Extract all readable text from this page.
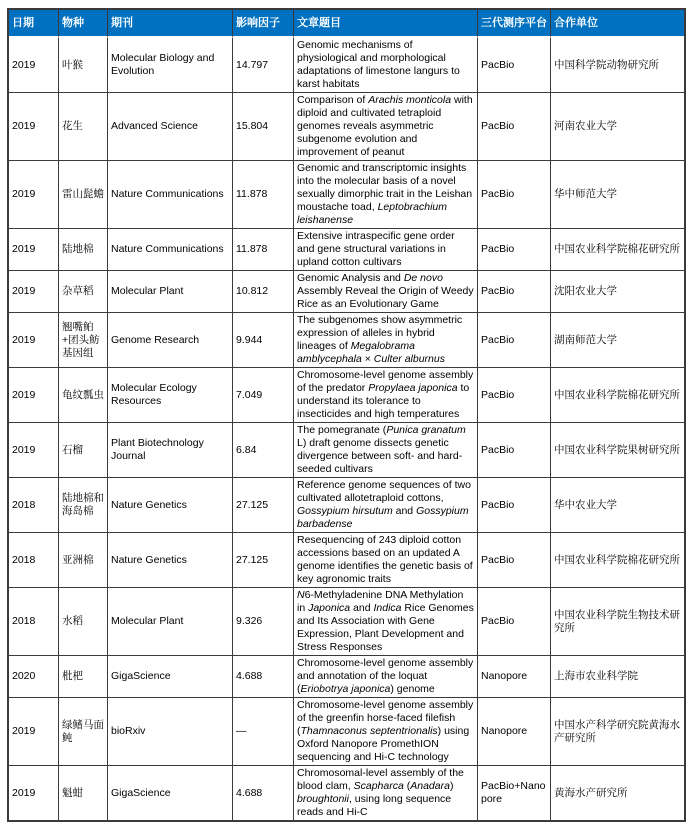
日期	物种	期刊	影响因子	文章题目	三代测序平台	合作单位
2019	叶猴	Molecular Biology and Evolution	14.797	Genomic mechanisms of physiological and morphological adaptations of limestone langurs to karst habitats	PacBio	中国科学院动物研究所
2019	花生	Advanced Science	15.804	Comparison of Arachis monticola with diploid and cultivated tetraploid genomes reveals asymmetric subgenome evolution and improvement of peanut	PacBio	河南农业大学
2019	雷山髭蟾	Nature Communications	11.878	Genomic and transcriptomic insights into the molecular basis of a novel sexually dimorphic trait in the Leishan moustache toad, Leptobrachium leishanense	PacBio	华中师范大学
2019	陆地棉	Nature Communications	11.878	Extensive intraspecific gene order and gene structural variations in upland cotton cultivars	PacBio	中国农业科学院棉花研究所
2019	杂草稻	Molecular Plant	10.812	Genomic Analysis and De novo Assembly Reveal the Origin of Weedy Rice as an Evolutionary Game	PacBio	沈阳农业大学
2019	翘嘴鲌+团头鲂基因组	Genome Research	9.944	The subgenomes show asymmetric expression of alleles in hybrid lineages of Megalobrama amblycephala × Culter alburnus	PacBio	湖南师范大学
2019	龟纹瓢虫	Molecular Ecology Resources	7.049	Chromosome-level genome assembly of the predator Propylaea japonica to understand its tolerance to insecticides and high temperatures	PacBio	中国农业科学院棉花研究所
2019	石榴	Plant Biotechnology Journal	6.84	The pomegranate (Punica granatum L) draft genome dissects genetic divergence between soft- and hard-seeded cultivars	PacBio	中国农业科学院果树研究所
2018	陆地棉和海岛棉	Nature Genetics	27.125	Reference genome sequences of two cultivated allotetraploid cottons, Gossypium hirsutum and Gossypium barbadense	PacBio	华中农业大学
2018	亚洲棉	Nature Genetics	27.125	Resequencing of 243 diploid cotton accessions based on an updated A genome identifies the genetic basis of key agronomic traits	PacBio	中国农业科学院棉花研究所
2018	水稻	Molecular Plant	9.326	N6-Methyladenine DNA Methylation in Japonica and Indica Rice Genomes and Its Association with Gene Expression, Plant Development and Stress Responses	PacBio	中国农业科学院生物技术研究所
2020	枇杷	GigaScience	4.688	Chromosome-level genome assembly and annotation of the loquat (Eriobotrya japonica) genome	Nanopore	上海市农业科学院
2019	绿鳍马面鲀	bioRxiv	—	Chromosome-level genome assembly of the greenfin horse-faced filefish (Thamnaconus septentrionalis) using Oxford Nanopore PromethION sequencing and Hi-C technology	Nanopore	中国水产科学研究院黄海水产研究所
2019	魁蚶	GigaScience	4.688	Chromosomal-level assembly of the blood clam, Scapharca (Anadara) broughtonii, using long sequence reads and Hi-C	PacBio+Nanopore	黄海水产研究所
